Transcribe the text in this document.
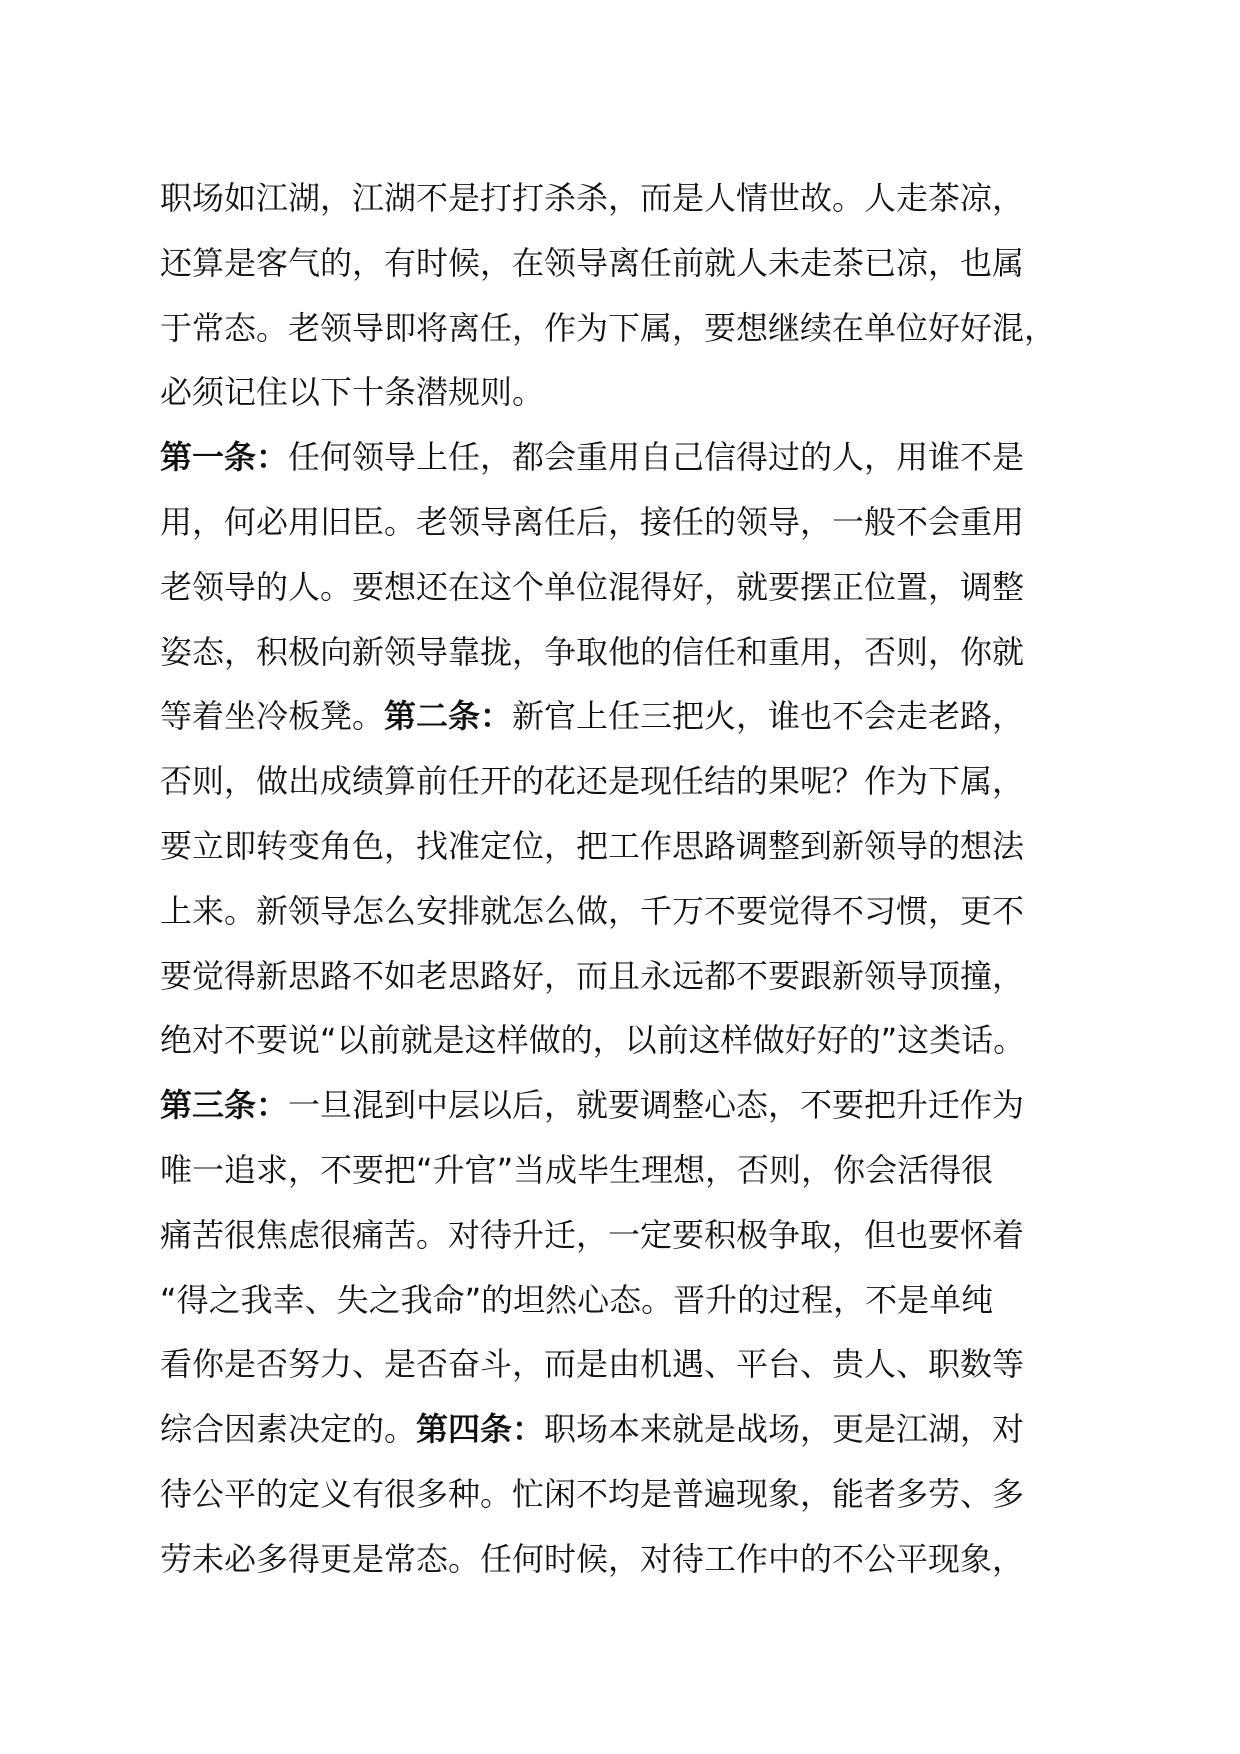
职场如江湖，江湖不是打打杀杀，而是人情世故。人走茶凉，
还算是客气的，有时候，在领导离任前就人未走茶已凉，也属
于常态。老领导即将离任，作为下属，要想继续在单位好好混，
必须记住以下十条潜规则。
第一条：任何领导上任，都会重用自己信得过的人，用谁不是
用，何必用旧臣。老领导离任后，接任的领导，一般不会重用
老领导的人。要想还在这个单位混得好，就要摆正位置，调整
姿态，积极向新领导靠拢，争取他的信任和重用，否则，你就
等着坐冷板凳。第二条：新官上任三把火，谁也不会走老路，
否则，做出成绩算前任开的花还是现任结的果呢？作为下属，
要立即转变角色，找准定位，把工作思路调整到新领导的想法
上来。新领导怎么安排就怎么做，千万不要觉得不习惯，更不
要觉得新思路不如老思路好，而且永远都不要跟新领导顶撞，
绝对不要说“以前就是这样做的，以前这样做好好的”这类话。
第三条：一旦混到中层以后，就要调整心态，不要把升迁作为
唯一追求，不要把“升官”当成毕生理想，否则，你会活得很
痛苦很焦虑很痛苦。对待升迁，一定要积极争取，但也要怀着
“得之我幸、失之我命”的坦然心态。晋升的过程，不是单纯
看你是否努力、是否奋斗，而是由机遇、平台、贵人、职数等
综合因素决定的。第四条：职场本来就是战场，更是江湖，对
待公平的定义有很多种。忙闲不均是普遍现象，能者多劳、多
劳未必多得更是常态。任何时候，对待工作中的不公平现象，
